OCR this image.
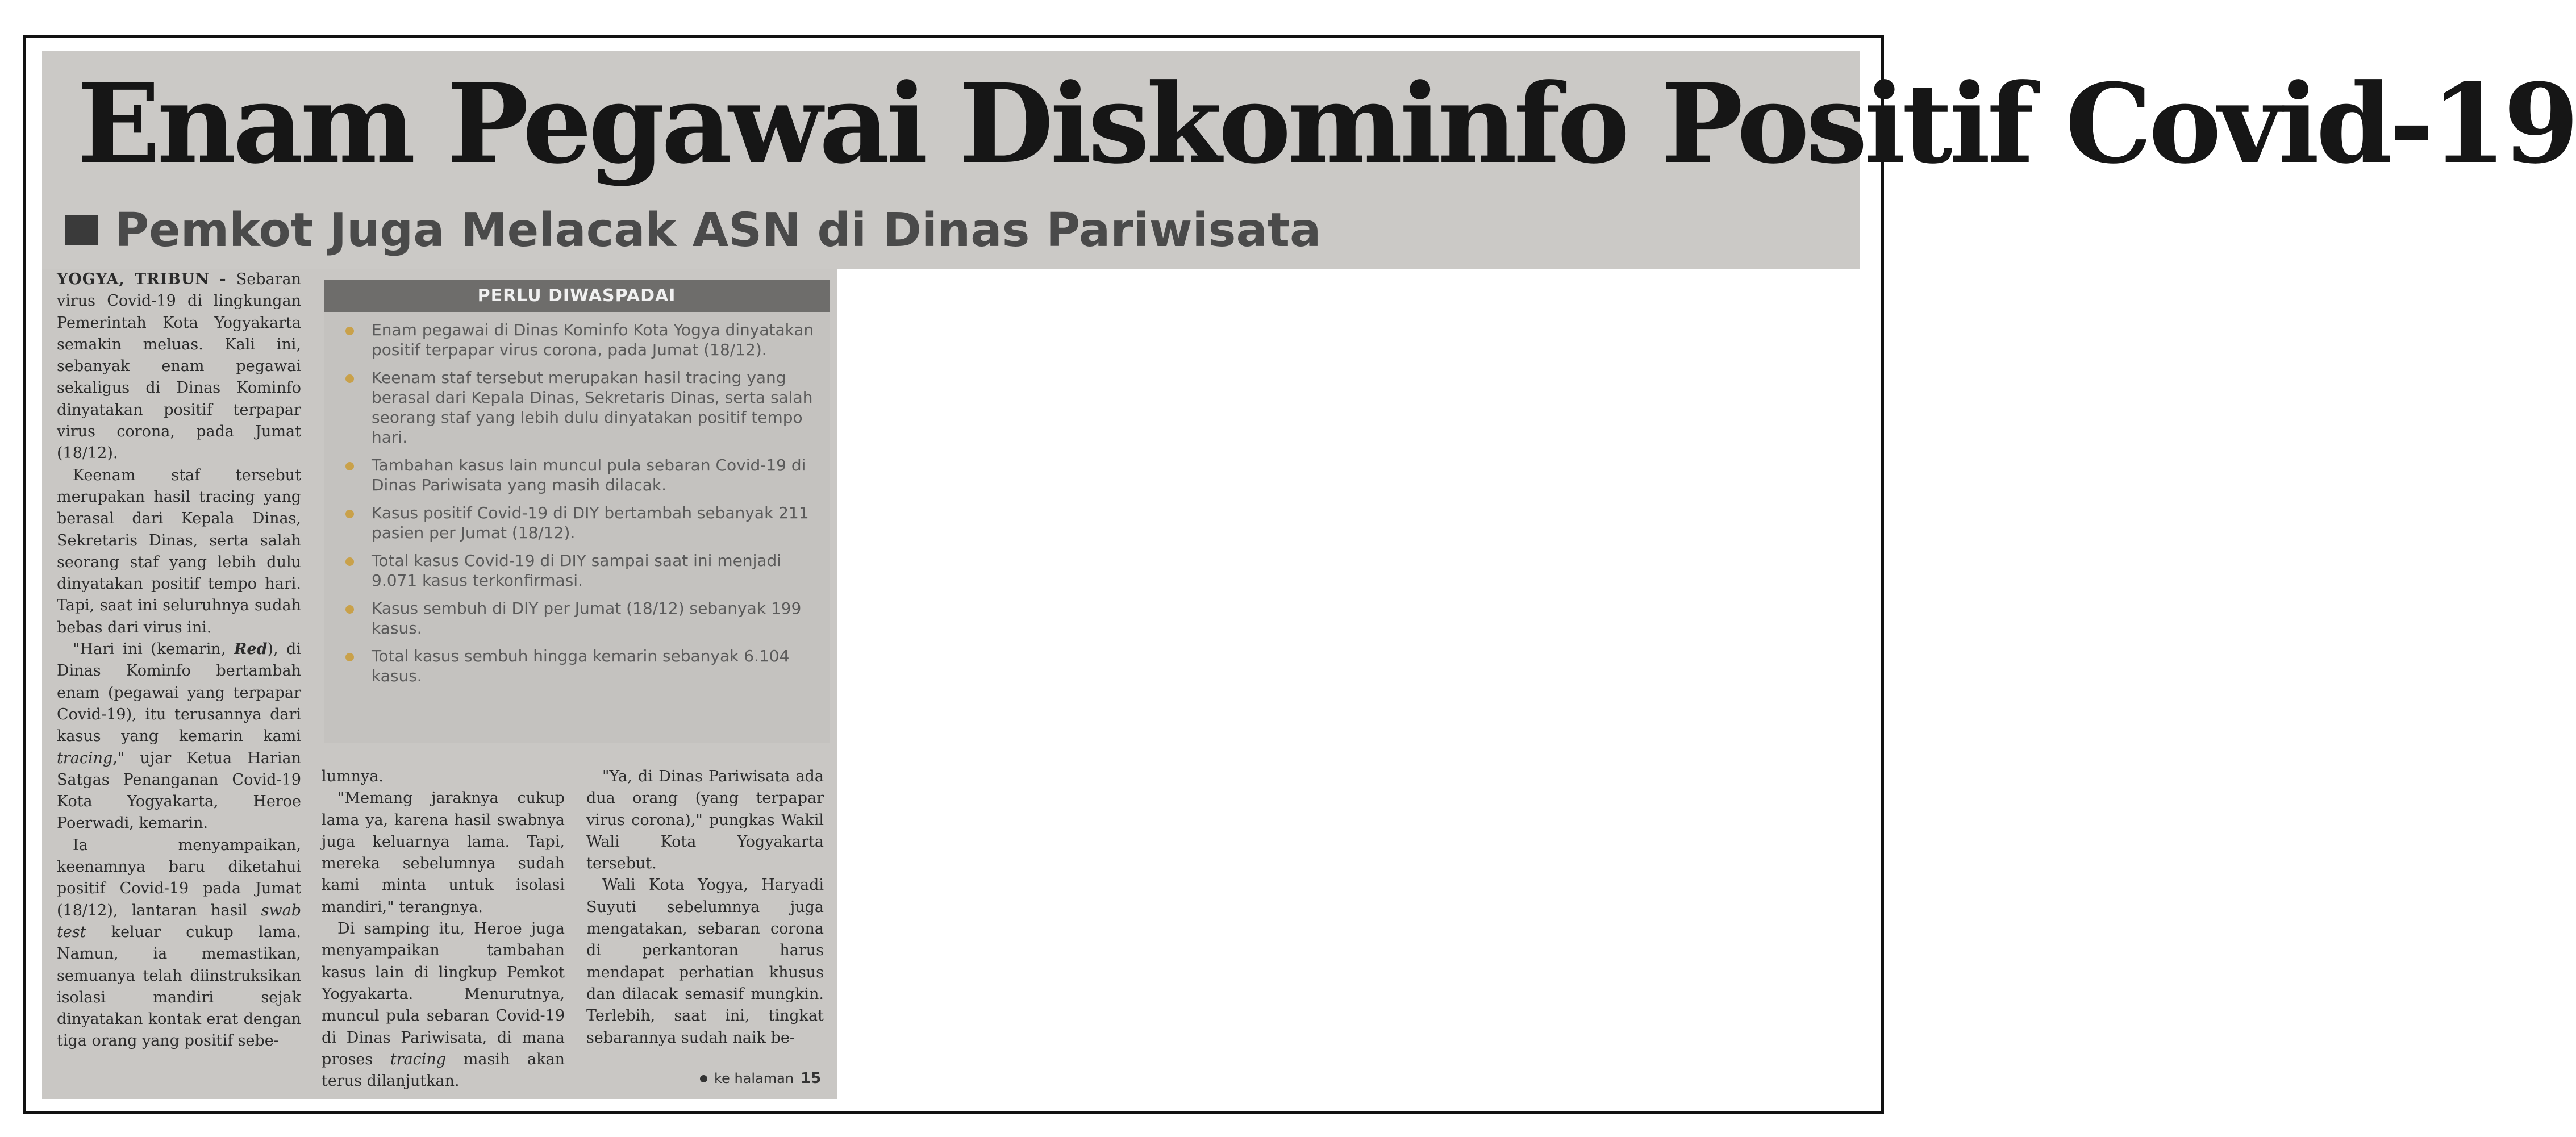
Enam Pegawai Diskominfo Positif Covid-19
Pemkot Juga Melacak ASN di Dinas Pariwisata

YOGYA, TRIBUN - Sebaran virus Covid-19 di lingkungan Pemerintah Kota Yogyakarta semakin meluas. Kali ini, sebanyak enam pegawai sekaligus di Dinas Kominfo dinyatakan positif terpapar virus corona, pada Jumat (18/12).

Keenam staf tersebut merupakan hasil tracing yang berasal dari Kepala Dinas, Sekretaris Dinas, serta salah seorang staf yang lebih dulu dinyatakan positif tempo hari. Tapi, saat ini seluruhnya sudah bebas dari virus ini.

"Hari ini (kemarin, Red), di Dinas Kominfo bertambah enam (pegawai yang terpapar Covid-19), itu terusannya dari kasus yang kemarin kami tracing," ujar Ketua Harian Satgas Penanganan Covid-19 Kota Yogyakarta, Heroe Poerwadi, kemarin.

Ia menyampaikan, keenamnya baru diketahui positif Covid-19 pada Jumat (18/12), lantaran hasil swab test keluar cukup lama. Namun, ia memastikan, semuanya telah diinstruksikan isolasi mandiri sejak dinyatakan kontak erat dengan tiga orang yang positif sebe-

PERLU DIWASPADAI
Enam pegawai di Dinas Kominfo Kota Yogya dinyatakan positif terpapar virus corona, pada Jumat (18/12).
Keenam staf tersebut merupakan hasil tracing yang berasal dari Kepala Dinas, Sekretaris Dinas, serta salah seorang staf yang lebih dulu dinyatakan positif tempo hari.
Tambahan kasus lain muncul pula sebaran Covid-19 di Dinas Pariwisata yang masih dilacak.
Kasus positif Covid-19 di DIY bertambah sebanyak 211 pasien per Jumat (18/12).
Total kasus Covid-19 di DIY sampai saat ini menjadi 9.071 kasus terkonfirmasi.
Kasus sembuh di DIY per Jumat (18/12) sebanyak 199 kasus.
Total kasus sembuh hingga kemarin sebanyak 6.104 kasus.

lumnya.

"Memang jaraknya cukup lama ya, karena hasil swabnya juga keluarnya lama. Tapi, mereka sebelumnya sudah kami minta untuk isolasi mandiri," terangnya.

Di samping itu, Heroe juga menyampaikan tambahan kasus lain di lingkup Pemkot Yogyakarta. Menurutnya, muncul pula sebaran Covid-19 di Dinas Pariwisata, di mana proses tracing masih akan terus dilanjutkan.

"Ya, di Dinas Pariwisata ada dua orang (yang terpapar virus corona)," pungkas Wakil Wali Kota Yogyakarta tersebut.

Wali Kota Yogya, Haryadi Suyuti sebelumnya juga mengatakan, sebaran corona di perkantoran harus mendapat perhatian khusus dan dilacak semasif mungkin. Terlebih, saat ini, tingkat sebarannya sudah naik be-

ke halaman 15
